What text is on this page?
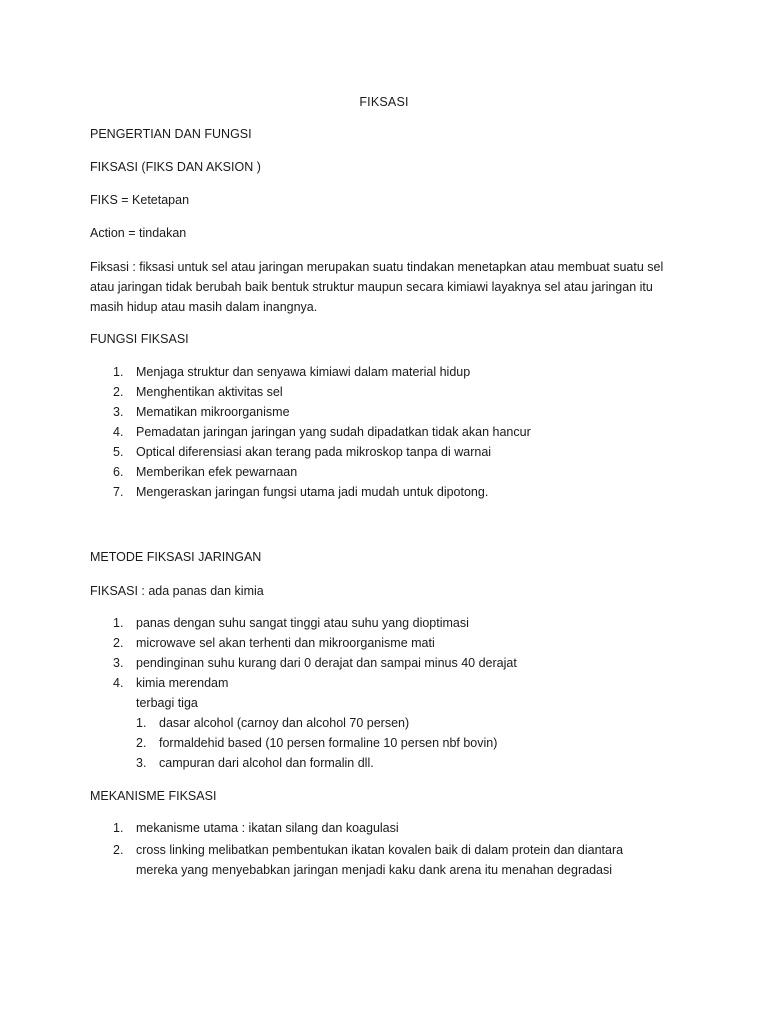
FIKSASI
PENGERTIAN DAN FUNGSI
FIKSASI (FIKS DAN AKSION )
FIKS = Ketetapan
Action = tindakan
Fiksasi : fiksasi untuk sel atau jaringan merupakan suatu tindakan menetapkan atau membuat suatu sel
atau jaringan tidak berubah baik bentuk struktur maupun secara kimiawi layaknya sel atau jaringan itu
masih hidup atau masih dalam inangnya.
FUNGSI FIKSASI
1.	Menjaga struktur dan senyawa kimiawi dalam material hidup
2.	Menghentikan aktivitas sel
3.	Mematikan mikroorganisme
4.	Pemadatan jaringan jaringan yang sudah dipadatkan tidak akan hancur
5.	Optical diferensiasi akan terang pada mikroskop tanpa di warnai
6.	Memberikan efek pewarnaan
7.	Mengeraskan jaringan fungsi utama jadi mudah untuk dipotong.
METODE FIKSASI JARINGAN
FIKSASI : ada panas dan kimia
1.	panas dengan suhu sangat tinggi atau suhu yang dioptimasi
2.	microwave sel akan terhenti dan mikroorganisme mati
3.	pendinginan suhu kurang dari 0 derajat dan sampai minus 40 derajat
4.	kimia merendam
terbagi tiga
1.	dasar alcohol (carnoy dan alcohol 70 persen)
2.	formaldehid based (10 persen formaline 10 persen nbf bovin)
3.	campuran dari alcohol dan formalin dll.
MEKANISME FIKSASI
1. mekanisme utama : ikatan silang dan koagulasi
2. cross linking melibatkan pembentukan ikatan kovalen baik di dalam protein dan diantara
mereka yang menyebabkan jaringan menjadi kaku dank arena itu menahan degradasi
